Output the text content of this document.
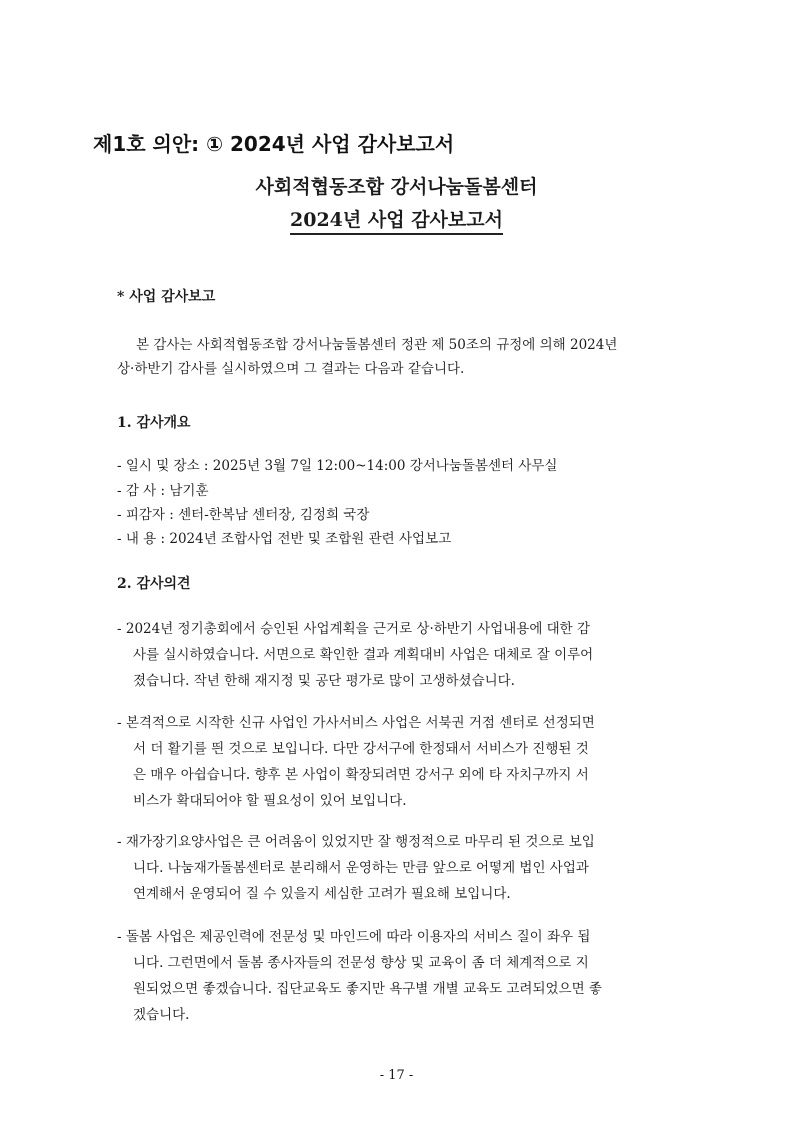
제1호 의안: ① 2024년 사업 감사보고서
사회적협동조합 강서나눔돌봄센터
2024년 사업 감사보고서
* 사업 감사보고
본 감사는 사회적협동조합 강서나눔돌봄센터 정관 제 50조의 규정에 의해 2024년
상·하반기 감사를 실시하였으며 그 결과는 다음과 같습니다.
1. 감사개요
- 일시 및 장소 : 2025년 3월 7일 12:00~14:00 강서나눔돌봄센터 사무실
- 감 사 : 남기훈
- 피감자 : 센터-한복남 센터장, 김정희 국장
- 내 용 : 2024년 조합사업 전반 및 조합원 관련 사업보고
2. 감사의견
- 2024년 정기총회에서 승인된 사업계획을 근거로 상·하반기 사업내용에 대한 감
사를 실시하였습니다. 서면으로 확인한 결과 계획대비 사업은 대체로 잘 이루어
졌습니다. 작년 한해 재지정 및 공단 평가로 많이 고생하셨습니다.
- 본격적으로 시작한 신규 사업인 가사서비스 사업은 서북권 거점 센터로 선정되면
서 더 활기를 띈 것으로 보입니다. 다만 강서구에 한정돼서 서비스가 진행된 것
은 매우 아쉽습니다. 향후 본 사업이 확장되려면 강서구 외에 타 자치구까지 서
비스가 확대되어야 할 필요성이 있어 보입니다.
- 재가장기요양사업은 큰 어려움이 있었지만 잘 행정적으로 마무리 된 것으로 보입
니다. 나눔재가돌봄센터로 분리해서 운영하는 만큼 앞으로 어떻게 법인 사업과
연계해서 운영되어 질 수 있을지 세심한 고려가 필요해 보입니다.
- 돌봄 사업은 제공인력에 전문성 및 마인드에 따라 이용자의 서비스 질이 좌우 됩
니다. 그런면에서 돌봄 종사자들의 전문성 향상 및 교육이 좀 더 체계적으로 지
원되었으면 좋겠습니다. 집단교육도 좋지만 욕구별 개별 교육도 고려되었으면 좋
겠습니다.
- 17 -
